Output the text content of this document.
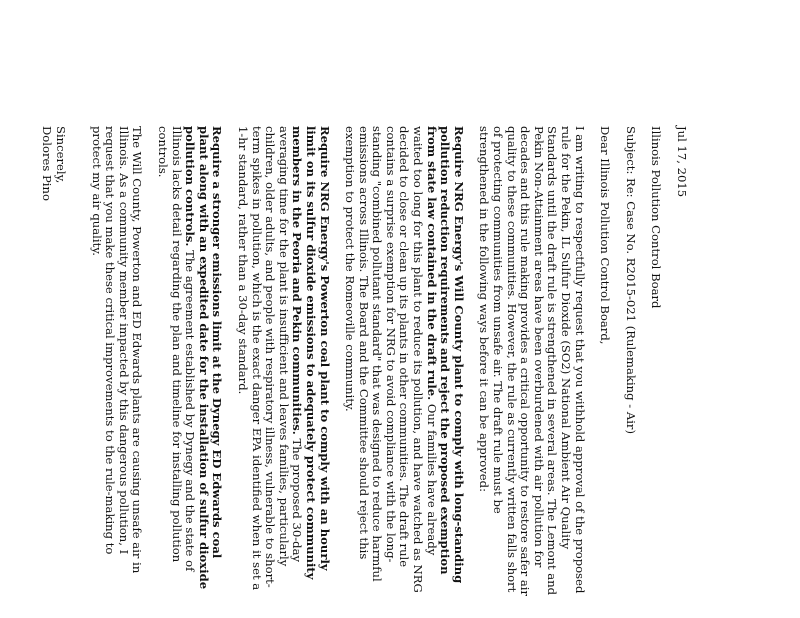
Jul 17, 2015

Illinois Pollution Control Board

Subject: Re: Case No. R2015-021 (Rulemaking - Air)

Dear Illinois Pollution Control Board,

I am writing to respectfully request that you withhold approval of the proposed rule for the Pekin, IL Sulfur Dioxide (SO2) National Ambient Air Quality Standards until the draft rule is strengthened in several areas. The Lemont and Pekin Non-Attainment areas have been overburdened with air pollution for decades and this rule making provides a critical opportunity to restore safer air quality to these communities. However, the rule as currently written falls short of protecting communities from unsafe air. The draft rule must be strengthened in the following ways before it can be approved:

Require NRG Energy's Will County plant to comply with long-standing pollution reduction requirements and reject the proposed exemption from state law contained in the draft rule. Our families have already waited too long for this plant to reduce its pollution, and have watched as NRG decided to close or clean up its plants in other communities. The draft rule contains a surprise exemption for NRG to avoid compliance with the long-standing "combined pollutant standard" that was designed to reduce harmful emissions across Illinois. The Board and the Committee should reject this exemption to protect the Romeoville community.

Require NRG Energy's Powerton coal plant to comply with an hourly limit on its sulfur dioxide emissions to adequately protect community members in the Peoria and Pekin communities. The proposed 30-day averaging time for the plant is insufficient and leaves families, particularly children, older adults, and people with respiratory illness, vulnerable to short-term spikes in pollution, which is the exact danger EPA identified when it set a 1-hr standard, rather than a 30-day standard.

Require a stronger emissions limit at the Dynegy ED Edwards coal plant along with an expedited date for the installation of sulfur dioxide pollution controls. The agreement established by Dynegy and the state of Illinois lacks detail regarding the plan and timeline for installing pollution controls.

The Will County, Powerton and ED Edwards plants are causing unsafe air in Illinois. As a community member impacted by this dangerous pollution, I request that you make these critical improvements to the rule-making to protect my air quality.

Sincerely,

Dolores Pino
